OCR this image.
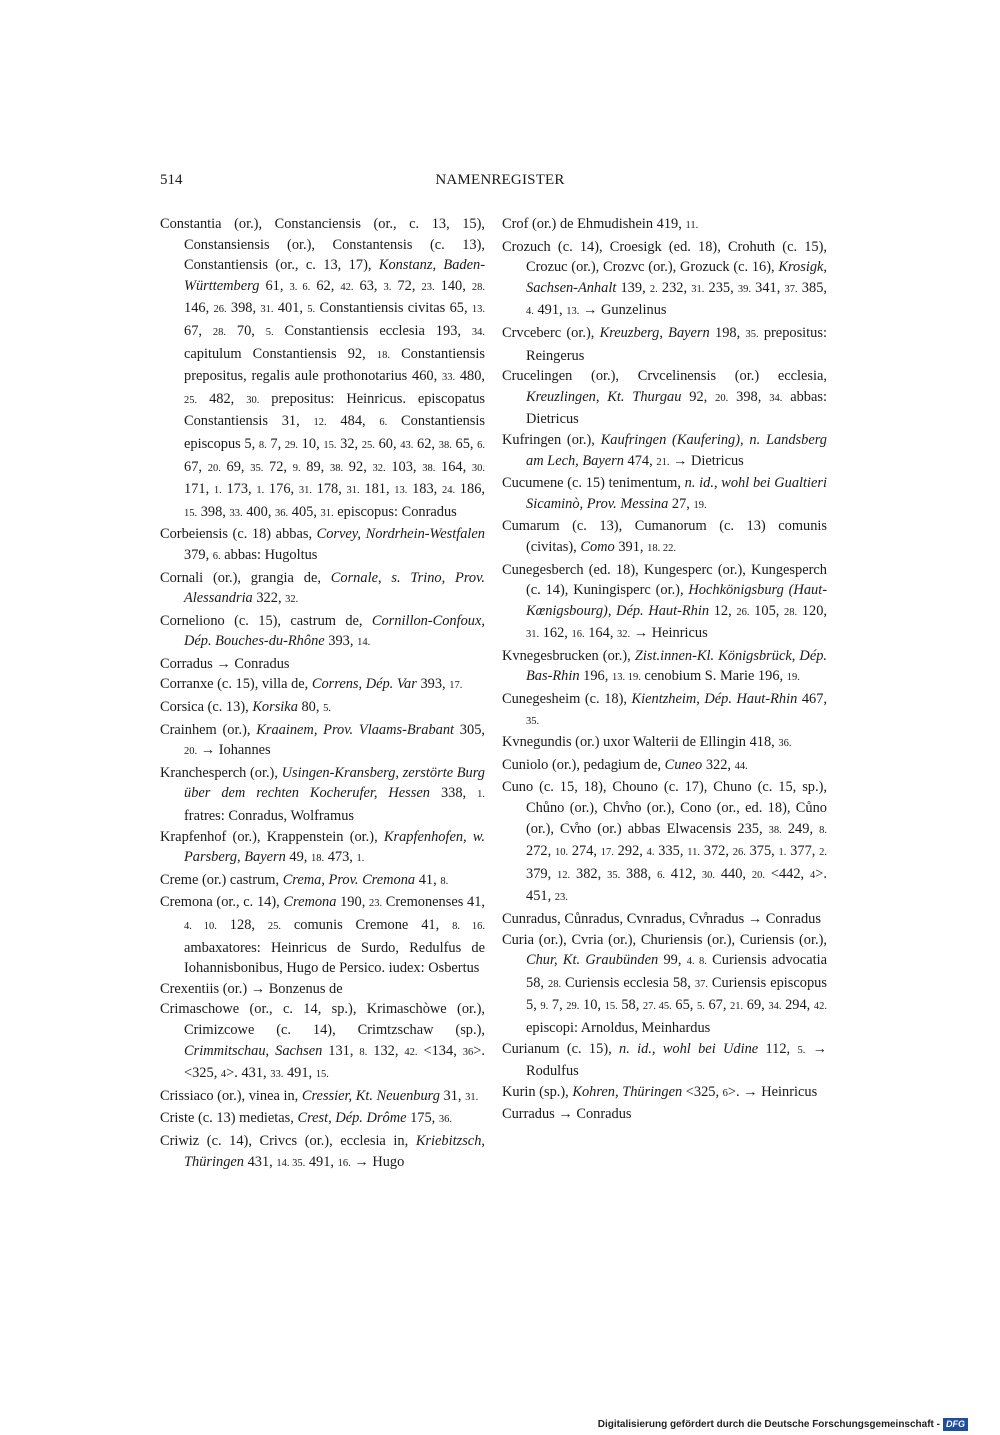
514	NAMENREGISTER

Constantia (or.), Constanciensis (or., c. 13, 15), Constansiensis (or.), Constantensis (c. 13), Constantiensis (or., c. 13, 17), Konstanz, Baden-Württemberg 61, 3. 6. 62, 42. 63, 3. 72, 23. 140, 28. 146, 26. 398, 31. 401, 5. Constantiensis civitas 65, 13. 67, 28. 70, 5. Constantiensis ecclesia 193, 34. capitulum Constantiensis 92, 18. Constantiensis prepositus, regalis aule prothonotarius 460, 33. 480, 25. 482, 30. prepositus: Heinricus. episcopatus Constantiensis 31, 12. 484, 6. Constantiensis episcopus 5, 8. 7, 29. 10, 15. 32, 25. 60, 43. 62, 38. 65, 6. 67, 20. 69, 35. 72, 9. 89, 38. 92, 32. 103, 38. 164, 30. 171, 1. 173, 1. 176, 31. 178, 31. 181, 13. 183, 24. 186, 15. 398, 33. 400, 36. 405, 31. episcopus: Conradus

Corbeiensis (c. 18) abbas, Corvey, Nordrhein-Westfalen 379, 6. abbas: Hugoltus

Cornali (or.), grangia de, Cornale, s. Trino, Prov. Alessandria 322, 32.

Corneliono (c. 15), castrum de, Cornillon-Confoux, Dép. Bouches-du-Rhône 393, 14.

Corradus → Conradus

Corranxe (c. 15), villa de, Correns, Dép. Var 393, 17.

Corsica (c. 13), Korsika 80, 5.

Crainhem (or.), Kraainem, Prov. Vlaams-Brabant 305, 20. → Iohannes

Kranchesperch (or.), Usingen-Kransberg, zerstörte Burg über dem rechten Kocherufer, Hessen 338, 1. fratres: Conradus, Wolframus

Krapfenhof (or.), Krappenstein (or.), Krapfenhofen, w. Parsberg, Bayern 49, 18. 473, 1.

Creme (or.) castrum, Crema, Prov. Cremona 41, 8.

Cremona (or., c. 14), Cremona 190, 23. Cremonenses 41, 4. 10. 128, 25. comunis Cremone 41, 8. 16. ambaxatores: Heinricus de Surdo, Redulfus de Iohannisbonibus, Hugo de Persico. iudex: Osbertus

Crexentiis (or.) → Bonzenus de

Crimaschowe (or., c. 14, sp.), Krimaschòwe (or.), Crimizcowe (c. 14), Crimtzschaw (sp.), Crimmitschau, Sachsen 131, 8. 132, 42. <134, 36>. <325, 4>. 431, 33. 491, 15.

Crissiaco (or.), vinea in, Cressier, Kt. Neuenburg 31, 31.

Criste (c. 13) medietas, Crest, Dép. Drôme 175, 36.

Criwiz (c. 14), Crivcs (or.), ecclesia in, Kriebitzsch, Thüringen 431, 14. 35. 491, 16. → Hugo

Crof (or.) de Ehmudishein 419, 11.

Crozuch (c. 14), Croesigk (ed. 18), Crohuth (c. 15), Crozuc (or.), Crozvc (or.), Grozuck (c. 16), Krosigk, Sachsen-Anhalt 139, 2. 232, 31. 235, 39. 341, 37. 385, 4. 491, 13. → Gunzelinus

Crvceberc (or.), Kreuzberg, Bayern 198, 35. prepositus: Reingerus

Crucelingen (or.), Crvcelinensis (or.) ecclesia, Kreuzlingen, Kt. Thurgau 92, 20. 398, 34. abbas: Dietricus

Kufringen (or.), Kaufringen (Kaufering), n. Landsberg am Lech, Bayern 474, 21. → Dietricus

Cucumene (c. 15) tenimentum, n. id., wohl bei Gualtieri Sicaminò, Prov. Messina 27, 19.

Cumarum (c. 13), Cumanorum (c. 13) comunis (civitas), Como 391, 18. 22.

Cunegesberch (ed. 18), Kungesperc (or.), Kungesperch (c. 14), Kuningisperc (or.), Hochkönigsburg (Haut-Kœnigsbourg), Dép. Haut-Rhin 12, 26. 105, 28. 120, 31. 162, 16. 164, 32. → Heinricus

Kvnegesbrucken (or.), Zist.innen-Kl. Königsbrück, Dép. Bas-Rhin 196, 13. 19. cenobium S. Marie 196, 19.

Cunegesheim (c. 18), Kientzheim, Dép. Haut-Rhin 467, 35.

Kvnegundis (or.) uxor Walterii de Ellingin 418, 36.

Cuniolo (or.), pedagium de, Cuneo 322, 44.

Cuno (c. 15, 18), Chouno (c. 17), Chuno (c. 15, sp.), Chůno (or.), Chv̊no (or.), Cono (or., ed. 18), Cůno (or.), Cv̊no (or.) abbas Elwacensis 235, 38. 249, 8. 272, 10. 274, 17. 292, 4. 335, 11. 372, 26. 375, 1. 377, 2. 379, 12. 382, 35. 388, 6. 412, 30. 440, 20. <442, 4>. 451, 23.

Cunradus, Cůnradus, Cvnradus, Cv̊nradus → Conradus

Curia (or.), Cvria (or.), Churiensis (or.), Curiensis (or.), Chur, Kt. Graubünden 99, 4. 8. Curiensis advocatia 58, 28. Curiensis ecclesia 58, 37. Curiensis episcopus 5, 9. 7, 29. 10, 15. 58, 27. 45. 65, 5. 67, 21. 69, 34. 294, 42. episcopi: Arnoldus, Meinhardus

Curianum (c. 15), n. id., wohl bei Udine 112, 5. → Rodulfus

Kurin (sp.), Kohren, Thüringen <325, 6>. → Heinricus

Curradus → Conradus

Digitalisierung gefördert durch die Deutsche Forschungsgemeinschaft - DFG
